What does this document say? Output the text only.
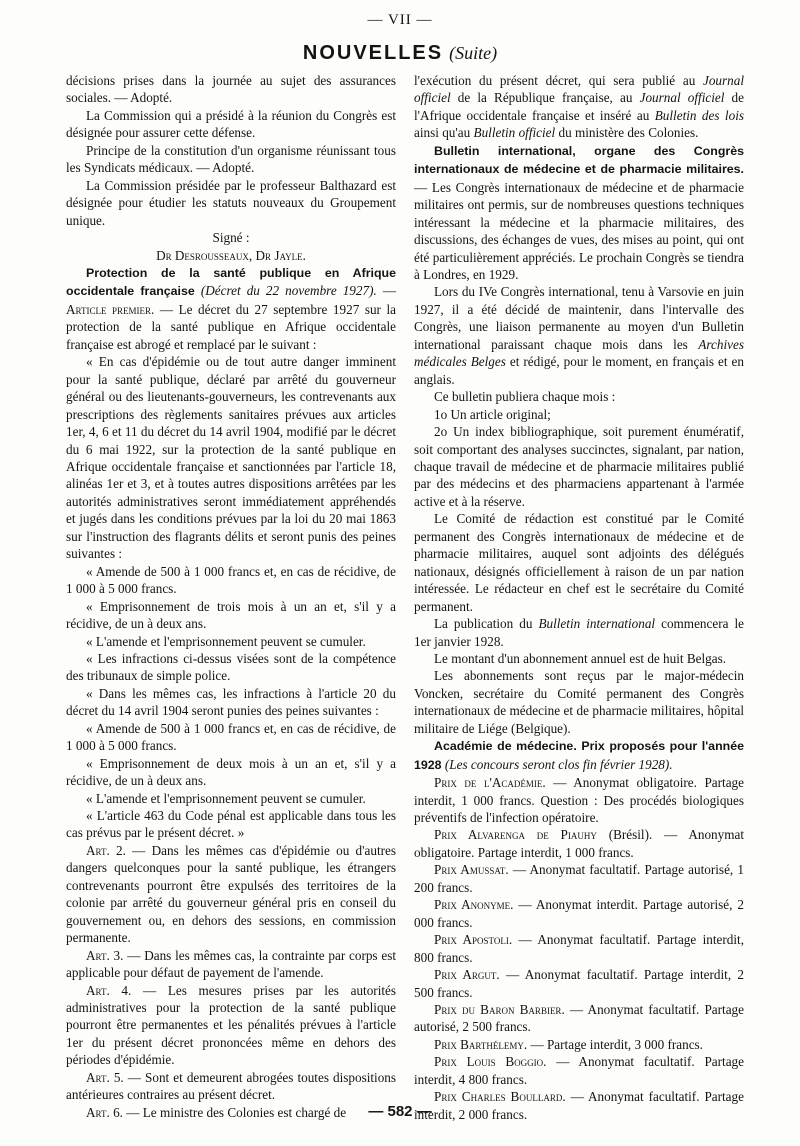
— VII —
NOUVELLES (Suite)

décisions prises dans la journée au sujet des assurances sociales. — Adopté.

La Commission qui a présidé à la réunion du Congrès est désignée pour assurer cette défense.

Principe de la constitution d'un organisme réunissant tous les Syndicats médicaux. — Adopté.

La Commission présidée par le professeur Balthazard est désignée pour étudier les statuts nouveaux du Groupement unique.

Signé :

Dr Desrousseaux, Dr Jayle.

Protection de la santé publique en Afrique occidentale française (Décret du 22 novembre 1927). — Article premier. — Le décret du 27 septembre 1927 sur la protection de la santé publique en Afrique occidentale française est abrogé et remplacé par le suivant :

« En cas d'épidémie ou de tout autre danger imminent pour la santé publique, déclaré par arrêté du gouverneur général ou des lieutenants-gouverneurs, les contrevenants aux prescriptions des règlements sanitaires prévues aux articles 1er, 4, 6 et 11 du décret du 14 avril 1904, modifié par le décret du 6 mai 1922, sur la protection de la santé publique en Afrique occidentale française et sanctionnées par l'article 18, alinéas 1er et 3, et à toutes autres dispositions arrêtées par les autorités administratives seront immédiatement appréhendés et jugés dans les conditions prévues par la loi du 20 mai 1863 sur l'instruction des flagrants délits et seront punis des peines suivantes :

« Amende de 500 à 1 000 francs et, en cas de récidive, de 1 000 à 5 000 francs.

« Emprisonnement de trois mois à un an et, s'il y a récidive, de un à deux ans.

« L'amende et l'emprisonnement peuvent se cumuler.

« Les infractions ci-dessus visées sont de la compétence des tribunaux de simple police.

« Dans les mêmes cas, les infractions à l'article 20 du décret du 14 avril 1904 seront punies des peines suivantes :

« Amende de 500 à 1 000 francs et, en cas de récidive, de 1 000 à 5 000 francs.

« Emprisonnement de deux mois à un an et, s'il y a récidive, de un à deux ans.

« L'amende et l'emprisonnement peuvent se cumuler.

« L'article 463 du Code pénal est applicable dans tous les cas prévus par le présent décret. »

Art. 2. — Dans les mêmes cas d'épidémie ou d'autres dangers quelconques pour la santé publique, les étrangers contrevenants pourront être expulsés des territoires de la colonie par arrêté du gouverneur général pris en conseil du gouvernement ou, en dehors des sessions, en commission permanente.

Art. 3. — Dans les mêmes cas, la contrainte par corps est applicable pour défaut de payement de l'amende.

Art. 4. — Les mesures prises par les autorités administratives pour la protection de la santé publique pourront être permanentes et les pénalités prévues à l'article 1er du présent décret prononcées même en dehors des périodes d'épidémie.

Art. 5. — Sont et demeurent abrogées toutes dispositions antérieures contraires au présent décret.

Art. 6. — Le ministre des Colonies est chargé de

l'exécution du présent décret, qui sera publié au Journal officiel de la République française, au Journal officiel de l'Afrique occidentale française et inséré au Bulletin des lois ainsi qu'au Bulletin officiel du ministère des Colonies.

Bulletin international, organe des Congrès internationaux de médecine et de pharmacie militaires. — Les Congrès internationaux de médecine et de pharmacie militaires ont permis, sur de nombreuses questions techniques intéressant la médecine et la pharmacie militaires, des discussions, des échanges de vues, des mises au point, qui ont été particulièrement appréciés. Le prochain Congrès se tiendra à Londres, en 1929.

Lors du IVe Congrès international, tenu à Varsovie en juin 1927, il a été décidé de maintenir, dans l'intervalle des Congrès, une liaison permanente au moyen d'un Bulletin international paraissant chaque mois dans les Archives médicales Belges et rédigé, pour le moment, en français et en anglais.

Ce bulletin publiera chaque mois :

1o Un article original;

2o Un index bibliographique, soit purement énumératif, soit comportant des analyses succinctes, signalant, par nation, chaque travail de médecine et de pharmacie militaires publié par des médecins et des pharmaciens appartenant à l'armée active et à la réserve.

Le Comité de rédaction est constitué par le Comité permanent des Congrès internationaux de médecine et de pharmacie militaires, auquel sont adjoints des délégués nationaux, désignés officiellement à raison de un par nation intéressée. Le rédacteur en chef est le secrétaire du Comité permanent.

La publication du Bulletin international commencera le 1er janvier 1928.

Le montant d'un abonnement annuel est de huit Belgas.

Les abonnements sont reçus par le major-médecin Voncken, secrétaire du Comité permanent des Congrès internationaux de médecine et de pharmacie militaires, hôpital militaire de Liége (Belgique).

Académie de médecine. Prix proposés pour l'année 1928 (Les concours seront clos fin février 1928).

Prix de l'Académie. — Anonymat obligatoire. Partage interdit, 1 000 francs. Question : Des procédés biologiques préventifs de l'infection opératoire.

Prix Alvarenga de Piauhy (Brésil). — Anonymat obligatoire. Partage interdit, 1 000 francs.

Prix Amussat. — Anonymat facultatif. Partage autorisé, 1 200 francs.

Prix Anonyme. — Anonymat interdit. Partage autorisé, 2 000 francs.

Prix Apostoli. — Anonymat facultatif. Partage interdit, 800 francs.

Prix Argut. — Anonymat facultatif. Partage interdit, 2 500 francs.

Prix du Baron Barbier. — Anonymat facultatif. Partage autorisé, 2 500 francs.

Prix Barthélemy. — Partage interdit, 3 000 francs.

Prix Louis Boggio. — Anonymat facultatif. Partage interdit, 4 800 francs.

Prix Charles Boullard. — Anonymat facultatif. Partage interdit, 2 000 francs.

— 582 —
